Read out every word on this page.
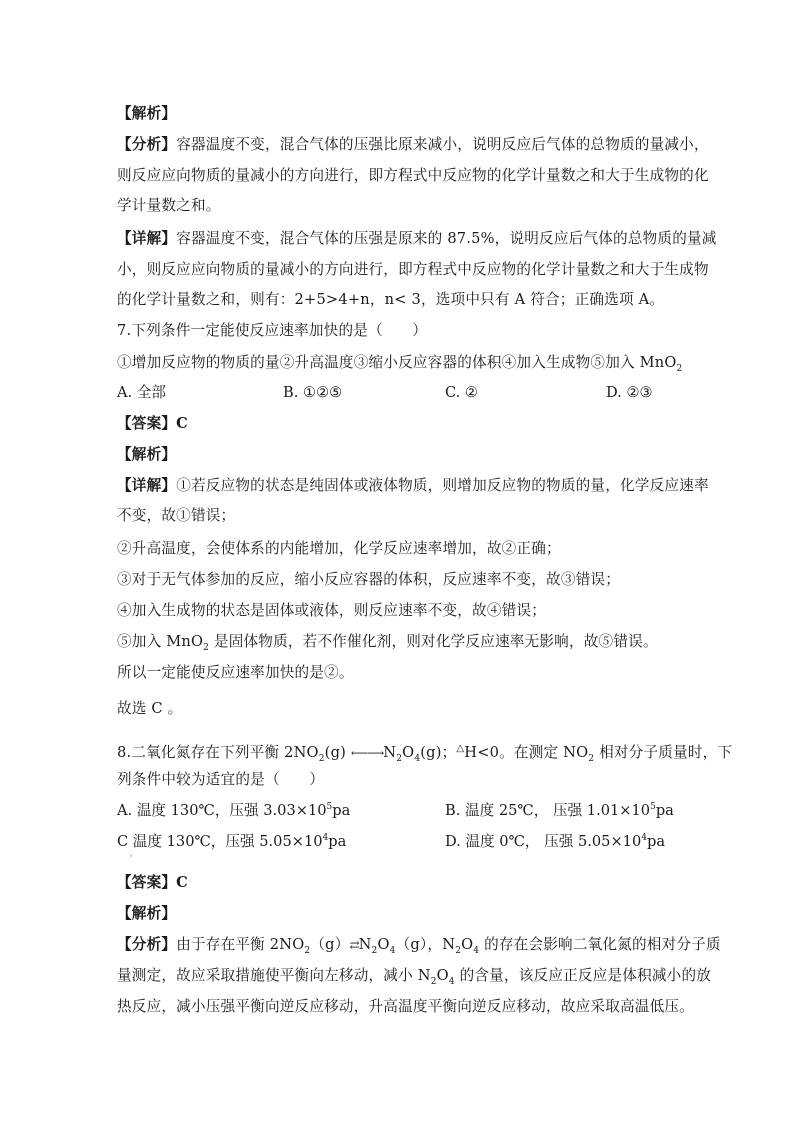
【解析】
【分析】容器温度不变，混合气体的压强比原来减小，说明反应后气体的总物质的量减小，
则反应应向物质的量减小的方向进行，即方程式中反应物的化学计量数之和大于生成物的化
学计量数之和。
【详解】容器温度不变，混合气体的压强是原来的 87.5%，说明反应后气体的总物质的量减
小，则反应应向物质的量减小的方向进行，即方程式中反应物的化学计量数之和大于生成物
的化学计量数之和，则有：2+5>4+n，n< 3，选项中只有 A 符合；正确选项 A。
7.下列条件一定能使反应速率加快的是（　　）
①增加反应物的物质的量②升高温度③缩小反应容器的体积④加入生成物⑤加入 MnO$_2$
A. 全部	B. ①②⑤	C. ②	D. ②③
【答案】C
【解析】
【详解】①若反应物的状态是纯固体或液体物质，则增加反应物的物质的量，化学反应速率
不变，故①错误；
②升高温度，会使体系的内能增加，化学反应速率增加，故②正确；
③对于无气体参加的反应，缩小反应容器的体积，反应速率不变，故③错误；
④加入生成物的状态是固体或液体，则反应速率不变，故④错误；
⑤加入 MnO$_2$ 是固体物质，若不作催化剂，则对化学反应速率无影响，故⑤错误。
所以一定能使反应速率加快的是②。
故选 C 。
8.二氧化氮存在下列平衡 $2NO_2(g)$ $⟵⟶N_2O_4(g)$；△H<0。在测定 $NO_2$ 相对分子质量时，下
列条件中较为适宜的是（　　）
A. 温度 130℃，压强 $3.03\times 10^5pa$	B. 温度 25℃， 压强 $1.01\times 10^5pa$
C 温度 130℃，压强 $5.05\times 10^4pa$	D. 温度 0℃， 压强 $5.05\times 10^4pa$
·
【答案】C
【解析】
【分析】由于存在平衡 $2NO_2(g)⇄N_2O_4(g)$，$N_2O_4$ 的存在会影响二氧化氮的相对分子质
量测定，故应采取措施使平衡向左移动，减小 $N_2O_4$ 的含量，该反应正反应是体积减小的放
热反应，减小压强平衡向逆反应移动，升高温度平衡向逆反应移动，故应采取高温低压。
